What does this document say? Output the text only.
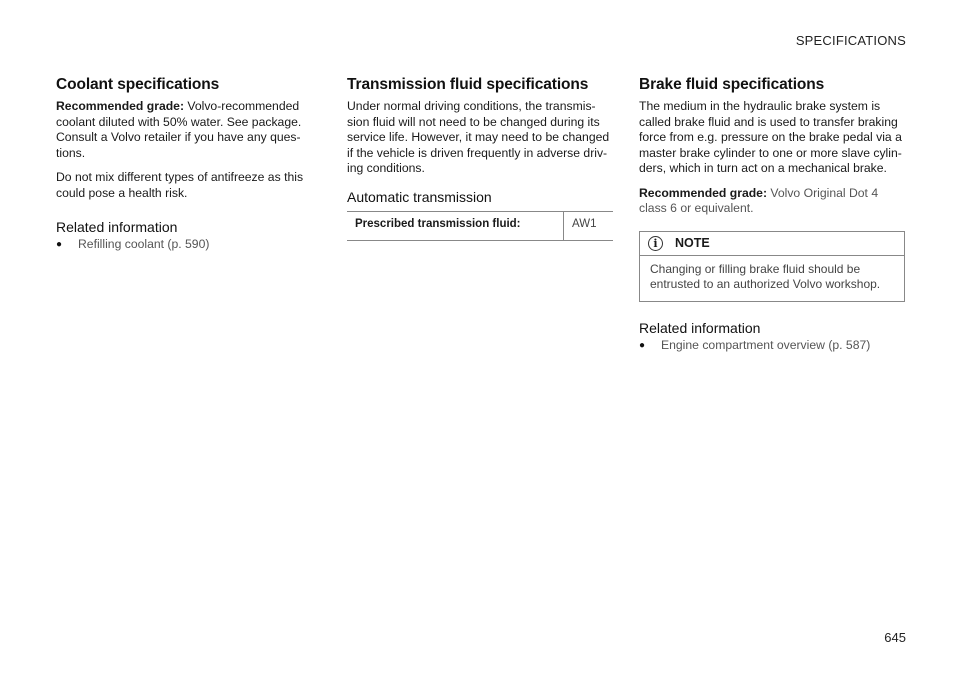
SPECIFICATIONS
Coolant specifications

Recommended grade: Volvo-recommended coolant diluted with 50% water. See package. Consult a Volvo retailer if you have any ques-tions.

Do not mix different types of antifreeze as this could pose a health risk.

Related information
●	Refilling coolant (p. 590)
Transmission fluid specifications

Under normal driving conditions, the transmis-sion fluid will not need to be changed during its service life. However, it may need to be changed if the vehicle is driven frequently in adverse driv-ing conditions.

Automatic transmission
Prescribed transmission fluid:	AW1
Brake fluid specifications

The medium in the hydraulic brake system is called brake fluid and is used to transfer braking force from e.g. pressure on the brake pedal via a master brake cylinder to one or more slave cylin-ders, which in turn act on a mechanical brake.

Recommended grade: Volvo Original Dot 4 class 6 or equivalent.

i	NOTE
Changing or filling brake fluid should be entrusted to an authorized Volvo workshop.
Related information
●	Engine compartment overview (p. 587)
645
